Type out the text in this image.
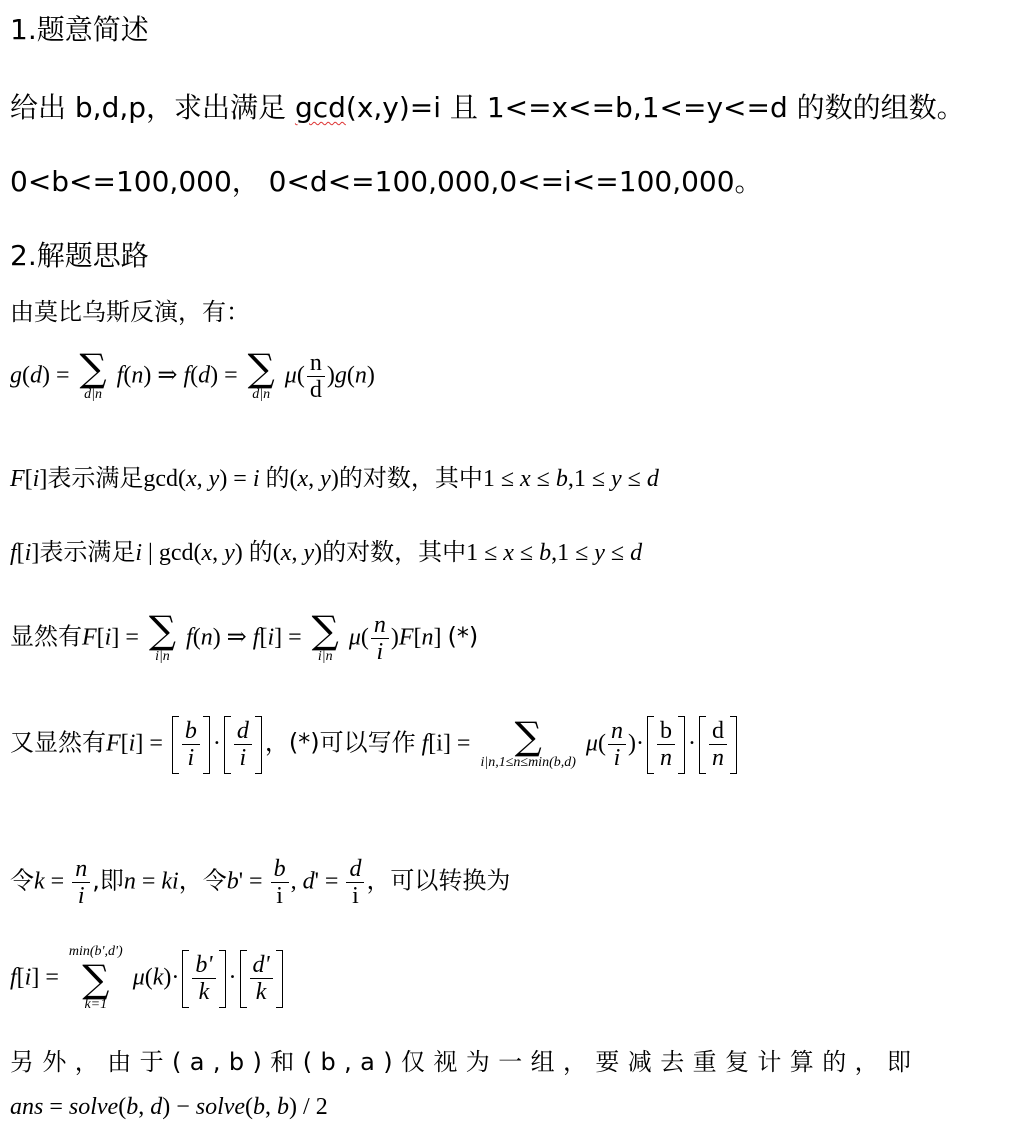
1.题意简述
给出 b,d,p，求出满足 gcd(x,y)=i 且 1<=x<=b,1<=y<=d 的数的组数。
0<b<=100,000， 0<d<=100,000,0<=i<=100,000。
2.解题思路
由莫比乌斯反演，有：
g(d) = ∑
d|n
f(n) ⇒ f(d) = ∑
d|n
$\mu( \frac{n}{d} )g(n)$
F[i]表示满足gcd(x, y) = i 的(x, y)的对数，其中1 ≤ x ≤ b,1 ≤ y ≤ d
f[i]表示满足i | gcd(x, y) 的(x, y)的对数，其中1 ≤ x ≤ b,1 ≤ y ≤ d
显然有F[i] = ∑
i|n
f(n) ⇒ f[i] = ∑
i|n
$\mu( \frac{n}{i} )F[n]$ (*)
又显然有$F[i] = \frac{b}{i} \cdot \frac{d}{i}$ ，(*)可以写作 f[i] = ∑
i|n,1≤n≤min(b,d)
$\mu( \frac{n}{i}$ )· $\frac{b}{n} \cdot \frac{d}{n}$
令$k = \frac{n}{i}$ ,即n = ki，令$b' = \frac{b}{i}$ , $d' = \frac{d}{i}$ ，可以转换为
f[i] =
min(b',d')
∑
k=1
$\mu(k)\cdot \frac{b'}{k} \cdot \frac{d'}{k}$
另外，由于(a,b)和(b,a)仅视为一组，要减去重复计算的，即
ans = solve(b, d) − solve(b, b) / 2
